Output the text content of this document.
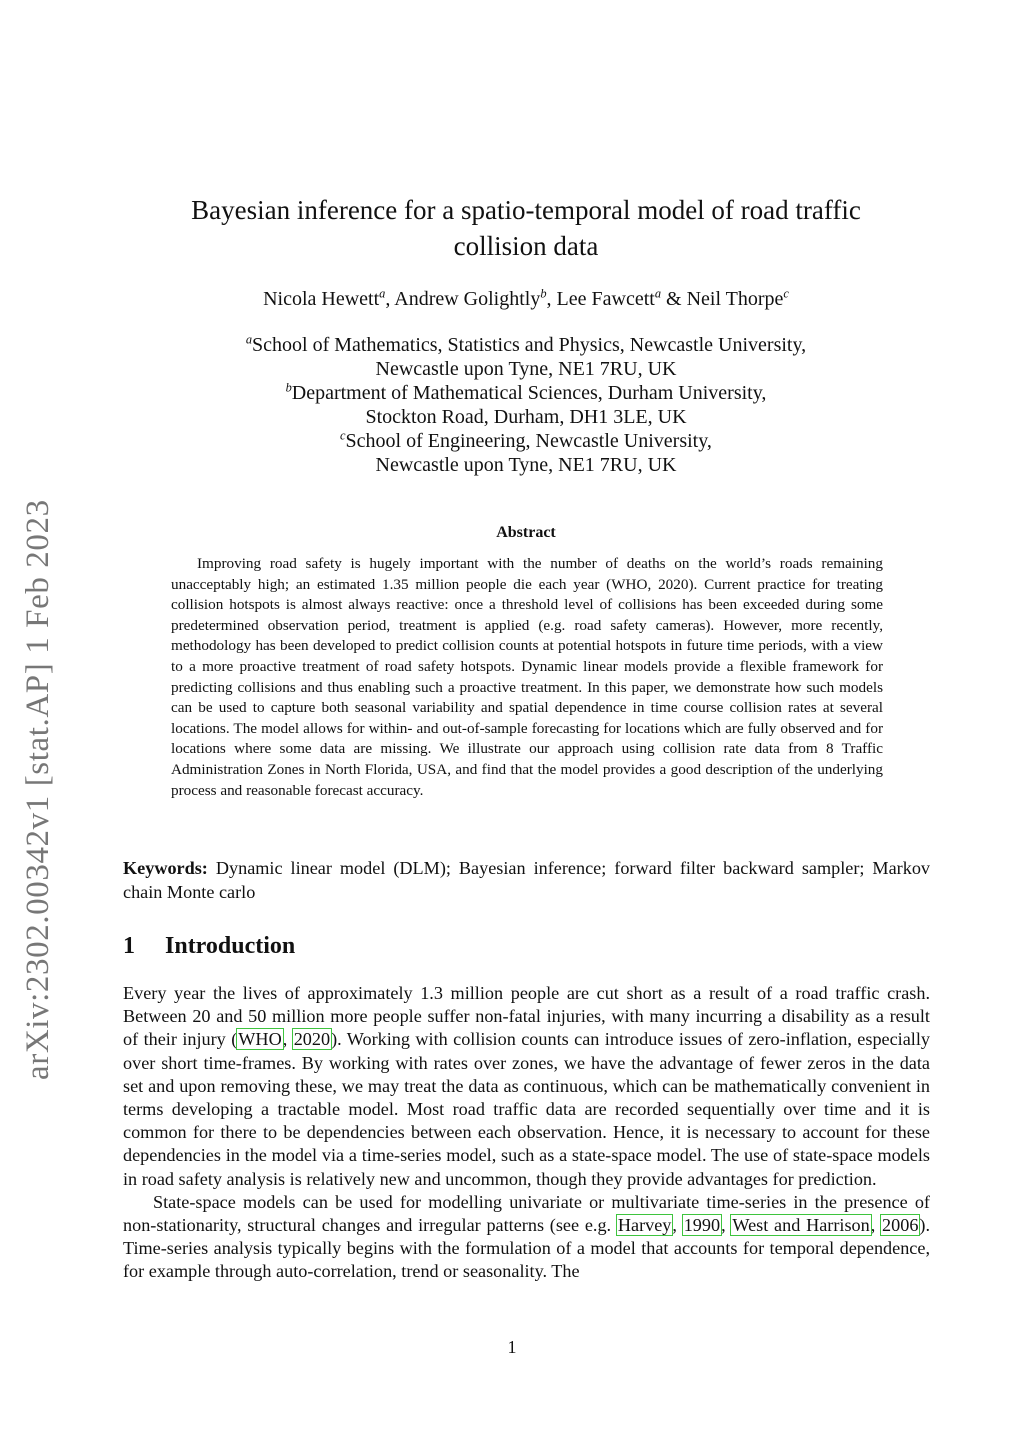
arXiv:2302.00342v1 [stat.AP] 1 Feb 2023
Bayesian inference for a spatio-temporal model of road traffic
collision data
Nicola Hewett$^a$, Andrew Golightly$^b$, Lee Fawcett$^a$ & Neil Thorpe$^c$
$^a$School of Mathematics, Statistics and Physics, Newcastle University,
Newcastle upon Tyne, NE1 7RU, UK
$^b$Department of Mathematical Sciences, Durham University,
Stockton Road, Durham, DH1 3LE, UK
$^c$School of Engineering, Newcastle University,
Newcastle upon Tyne, NE1 7RU, UK
Abstract
Improving road safety is hugely important with the number of deaths on the world’s roads remaining unacceptably high; an estimated 1.35 million people die each year (WHO, 2020). Current practice for treating collision hotspots is almost always reactive: once a threshold level of collisions has been exceeded during some predetermined observation period, treatment is applied (e.g. road safety cameras). However, more recently, methodology has been developed to predict collision counts at potential hotspots in future time periods, with a view to a more proactive treatment of road safety hotspots. Dynamic linear models provide a flexible framework for predicting collisions and thus enabling such a proactive treatment. In this paper, we demonstrate how such models can be used to capture both seasonal variability and spatial dependence in time course collision rates at several locations. The model allows for within- and out-of-sample forecasting for locations which are fully observed and for locations where some data are missing. We illustrate our approach using collision rate data from 8 Traffic Administration Zones in North Florida, USA, and find that the model provides a good description of the underlying process and reasonable forecast accuracy.
Keywords: Dynamic linear model (DLM); Bayesian inference; forward filter backward sampler; Markov chain Monte carlo
1 Introduction

Every year the lives of approximately 1.3 million people are cut short as a result of a road traffic crash. Between 20 and 50 million more people suffer non-fatal injuries, with many incurring a disability as a result of their injury (WHO, 2020). Working with collision counts can introduce issues of zero-inflation, especially over short time-frames. By working with rates over zones, we have the advantage of fewer zeros in the data set and upon removing these, we may treat the data as continuous, which can be mathematically convenient in terms developing a tractable model. Most road traffic data are recorded sequentially over time and it is common for there to be dependencies between each observation. Hence, it is necessary to account for these dependencies in the model via a time-series model, such as a state-space model. The use of state-space models in road safety analysis is relatively new and uncommon, though they provide advantages for prediction.

State-space models can be used for modelling univariate or multivariate time-series in the presence of non-stationarity, structural changes and irregular patterns (see e.g. Harvey, 1990, West and Harrison, 2006). Time-series analysis typically begins with the formulation of a model that accounts for temporal dependence, for example through auto-correlation, trend or seasonality. The

1
